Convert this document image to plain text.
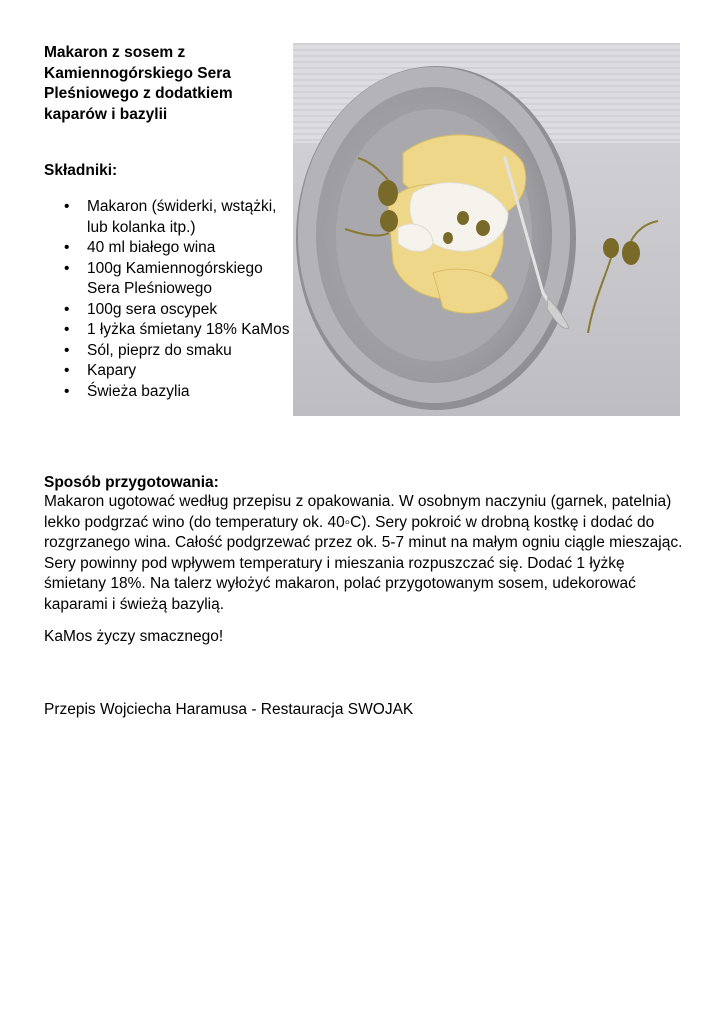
Makaron z sosem z Kamiennogórskiego Sera Pleśniowego z dodatkiem kaparów i bazylii
Składniki:
•	Makaron (świderki, wstążki, lub kolanka itp.)
•	40 ml białego wina
•	100g Kamiennogórskiego Sera Pleśniowego
•	100g sera oscypek
•	1 łyżka śmietany 18% KaMos
•	Sól, pieprz do smaku
•	Kapary
•	Świeża bazylia
Sposób przygotowania:
Makaron ugotować według przepisu z opakowania. W osobnym naczyniu (garnek, patelnia) lekko podgrzać wino (do temperatury ok. 40◦C). Sery pokroić w drobną kostkę i dodać do rozgrzanego wina. Całość podgrzewać przez ok. 5-7 minut na małym ogniu ciągle mieszając. Sery powinny pod wpływem temperatury i mieszania rozpuszczać się. Dodać 1 łyżkę śmietany 18%. Na talerz wyłożyć makaron, polać przygotowanym sosem, udekorować kaparami i świeżą bazylią.
KaMos życzy smacznego!
Przepis Wojciecha Haramusa - Restauracja SWOJAK
